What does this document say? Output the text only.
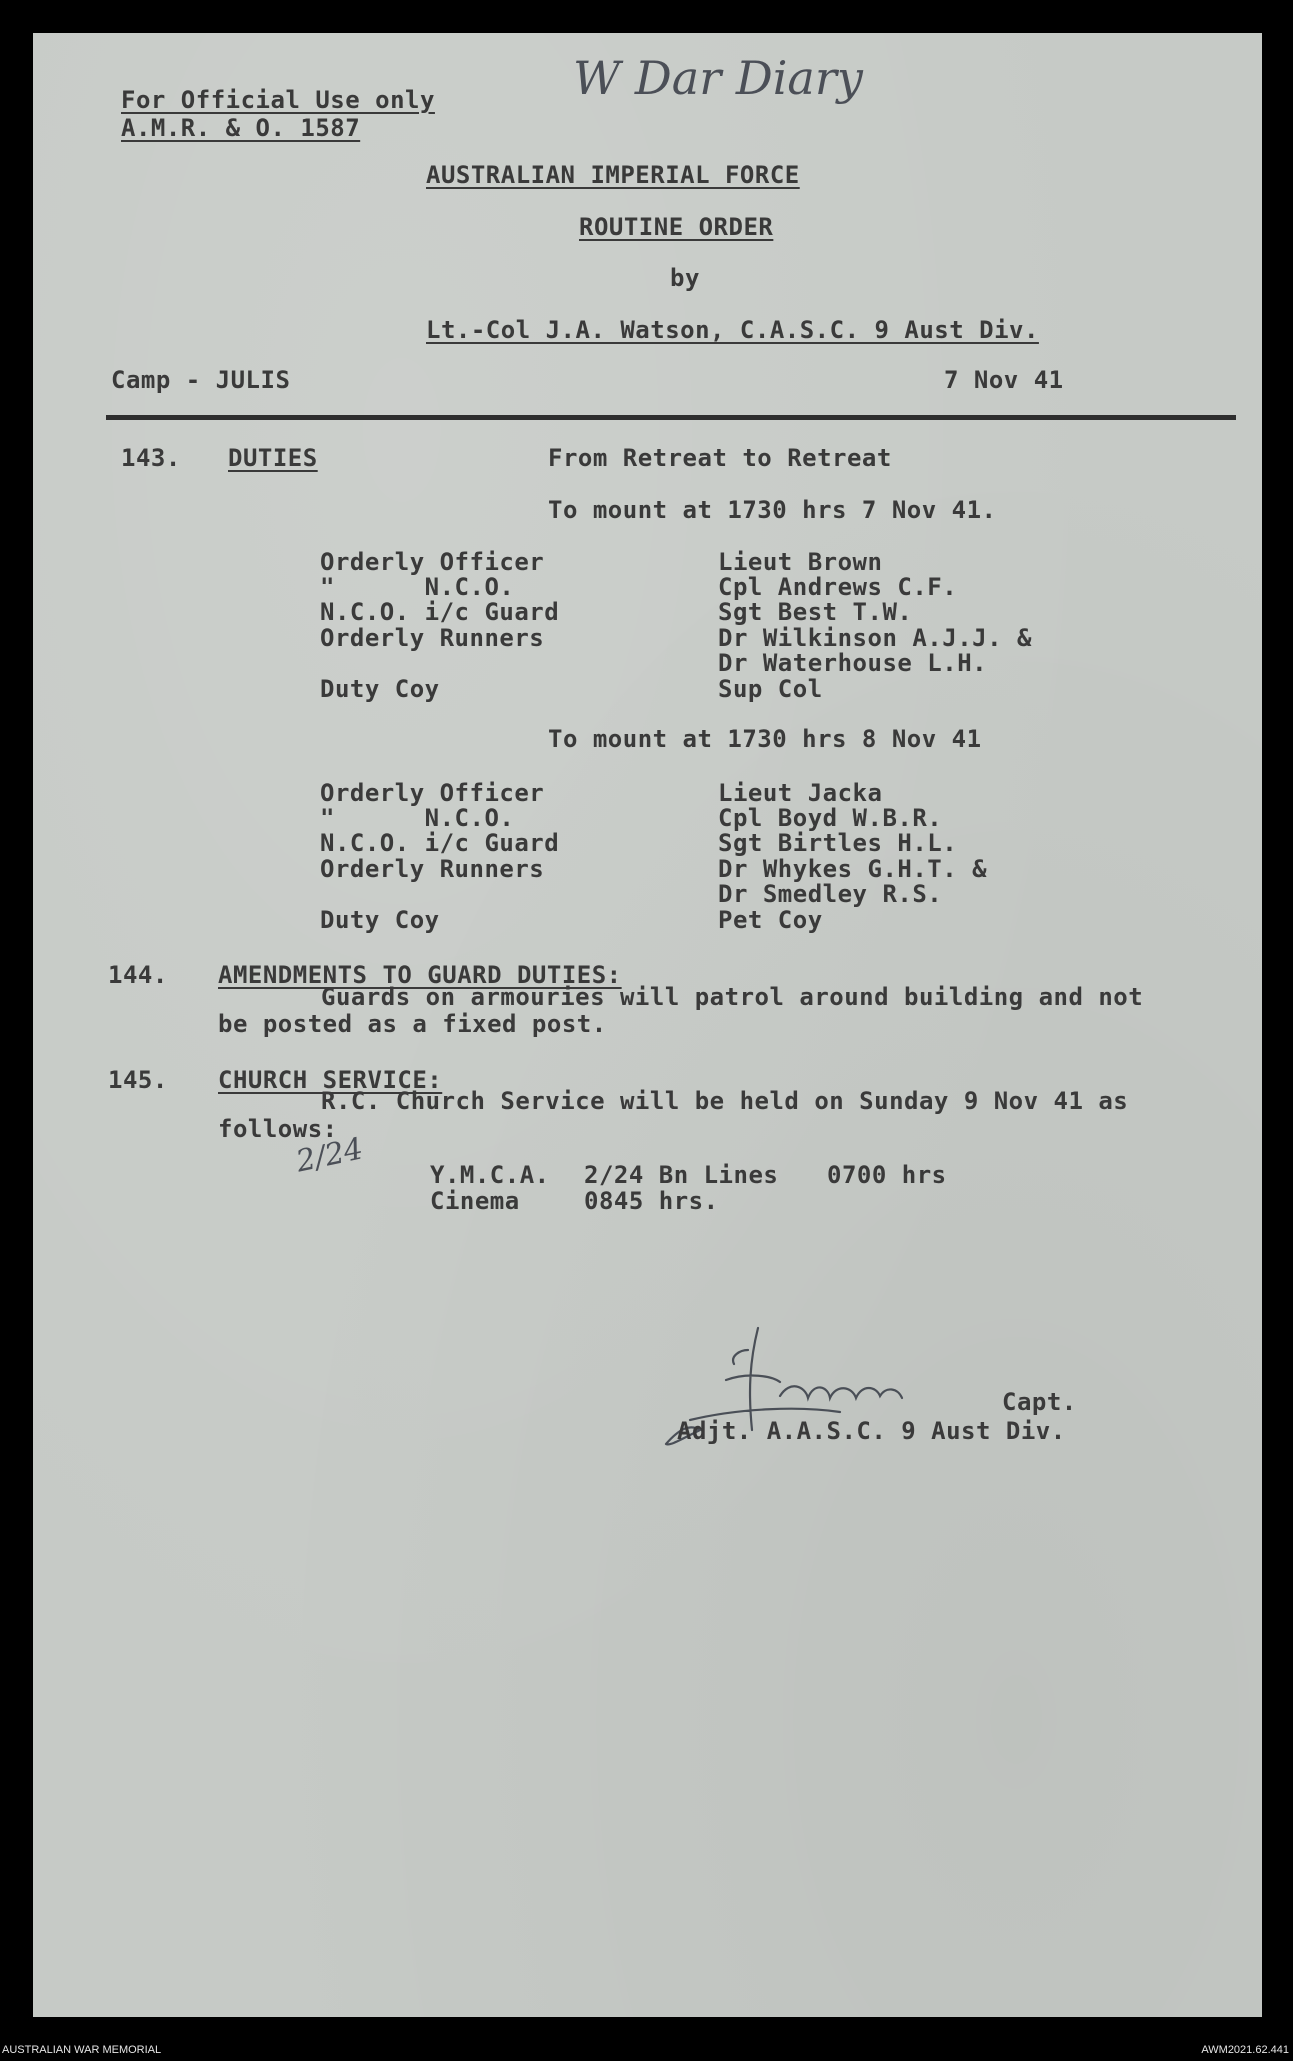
W Dar Diary
For Official Use only
A.M.R. & O. 1587
AUSTRALIAN IMPERIAL FORCE
ROUTINE ORDER
by
Lt.-Col J.A. Watson, C.A.S.C. 9 Aust Div.
Camp - JULIS	7 Nov 41
143. DUTIES	From Retreat to Retreat
To mount at 1730 hrs 7 Nov 41.
Orderly Officer	Lieut Brown
"      N.C.O.	Cpl Andrews C.F.
N.C.O. i/c Guard	Sgt Best T.W.
Orderly Runners	Dr Wilkinson A.J.J. &
Dr Waterhouse L.H.
Duty Coy	Sup Col
To mount at 1730 hrs 8 Nov 41
Orderly Officer	Lieut Jacka
"      N.C.O.	Cpl Boyd W.B.R.
N.C.O. i/c Guard	Sgt Birtles H.L.
Orderly Runners	Dr Whykes G.H.T. &
Dr Smedley R.S.
Duty Coy	Pet Coy
144. AMENDMENTS TO GUARD DUTIES:
Guards on armouries will patrol around building and not
be posted as a fixed post.
145. CHURCH SERVICE:
R.C. Church Service will be held on Sunday 9 Nov 41 as
follows:
2/24	Y.M.C.A. 2/24 Bn Lines 0700 hrs
Cinema	0845 hrs.
Capt.
Adjt. A.A.S.C. 9 Aust Div.
AUSTRALIAN WAR MEMORIAL	AWM2021.62.441
